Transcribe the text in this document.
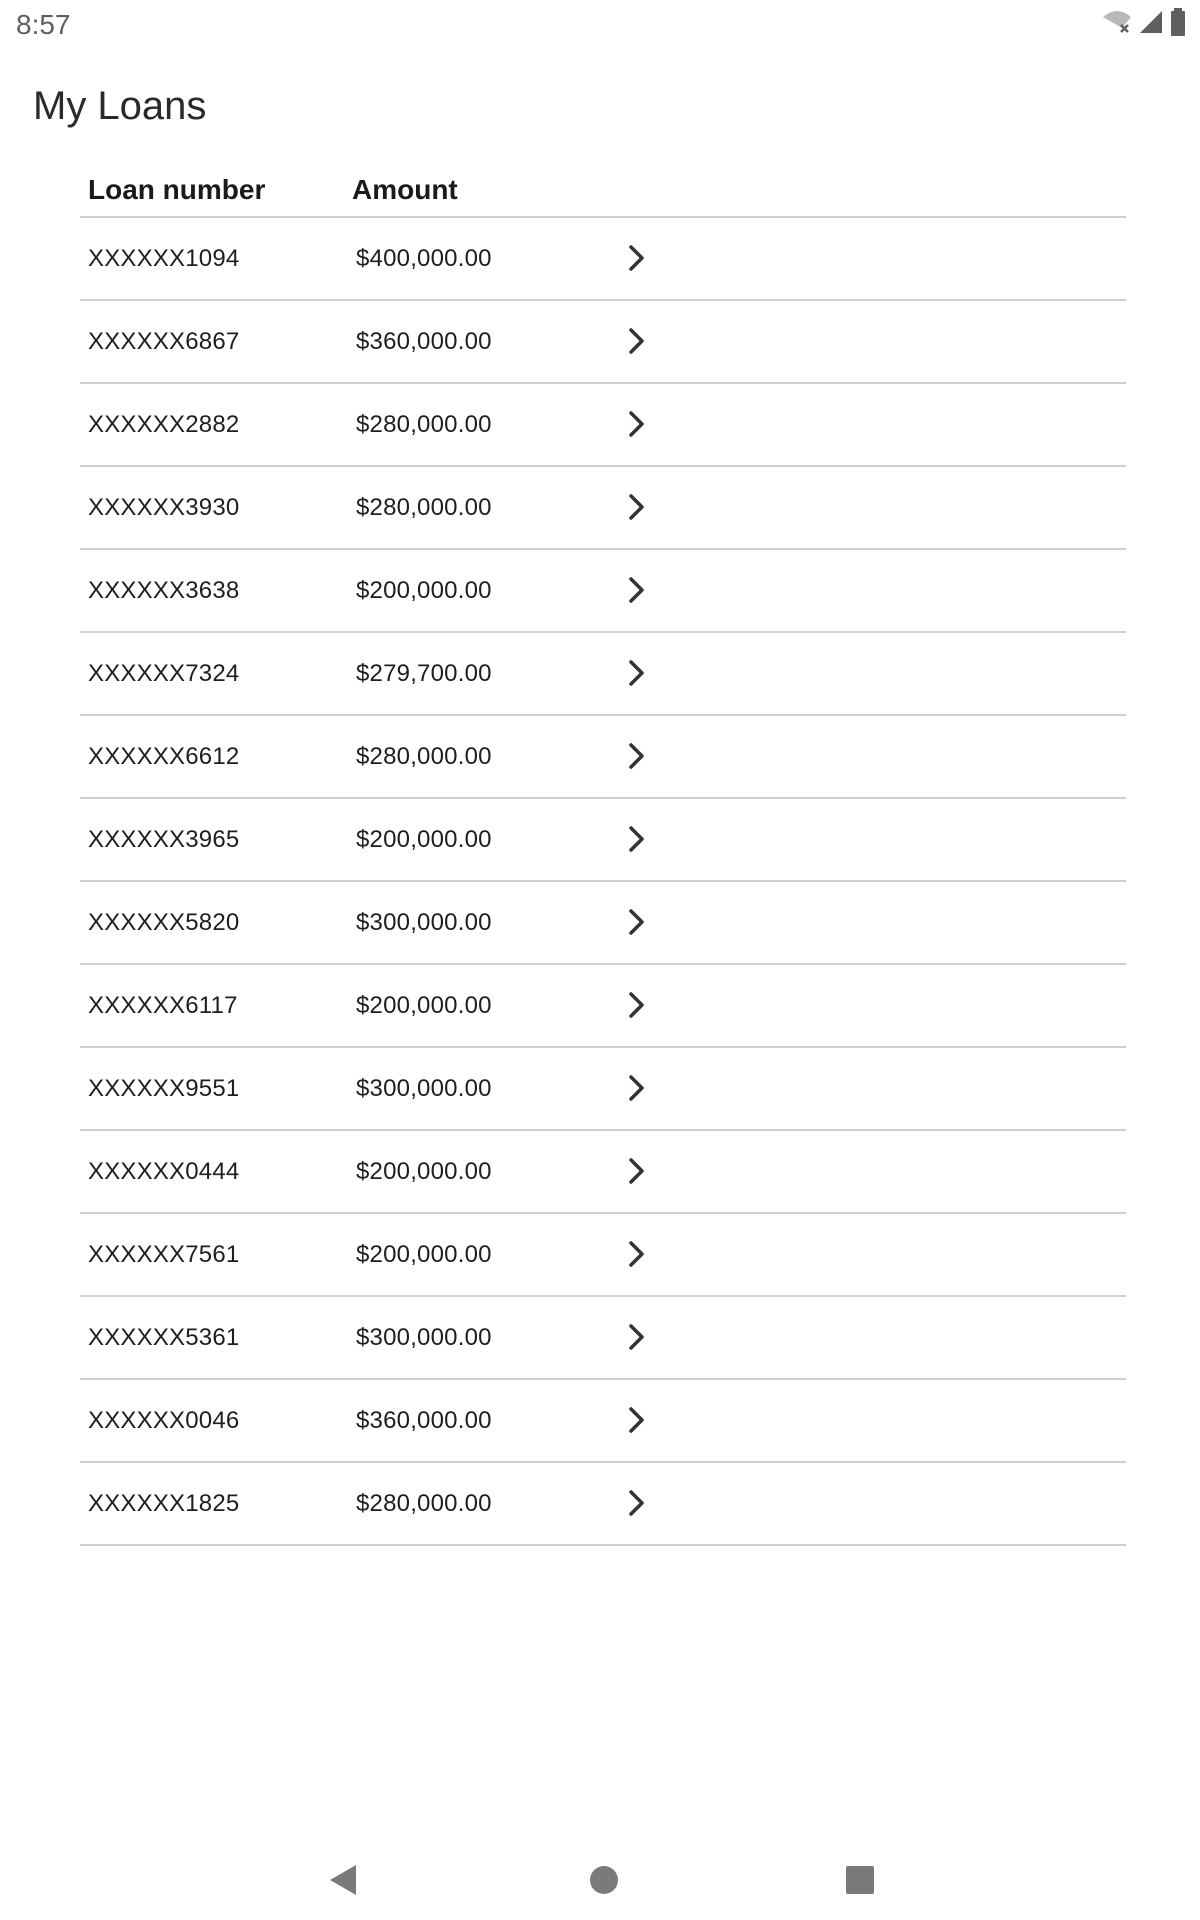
8:57
My Loans
Loan number	Amount
XXXXXX1094	$400,000.00
XXXXXX6867	$360,000.00
XXXXXX2882	$280,000.00
XXXXXX3930	$280,000.00
XXXXXX3638	$200,000.00
XXXXXX7324	$279,700.00
XXXXXX6612	$280,000.00
XXXXXX3965	$200,000.00
XXXXXX5820	$300,000.00
XXXXXX6117	$200,000.00
XXXXXX9551	$300,000.00
XXXXXX0444	$200,000.00
XXXXXX7561	$200,000.00
XXXXXX5361	$300,000.00
XXXXXX0046	$360,000.00
XXXXXX1825	$280,000.00
